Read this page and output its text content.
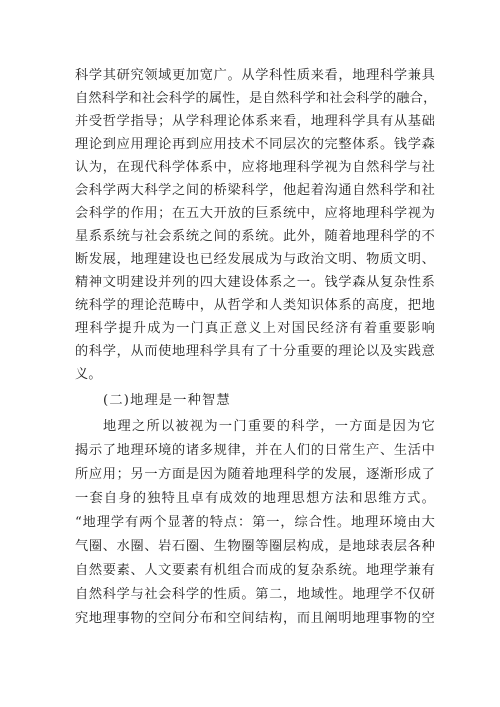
科学其研究领域更加宽广。从学科性质来看，地理科学兼具
自然科学和社会科学的属性，是自然科学和社会科学的融合，
并受哲学指导；从学科理论体系来看，地理科学具有从基础
理论到应用理论再到应用技术不同层次的完整体系。钱学森
认为，在现代科学体系中，应将地理科学视为自然科学与社
会科学两大科学之间的桥梁科学，他起着沟通自然科学和社
会科学的作用；在五大开放的巨系统中，应将地理科学视为
星系系统与社会系统之间的系统。此外，随着地理科学的不
断发展，地理建设也已经发展成为与政治文明、物质文明、
精神文明建设并列的四大建设体系之一。钱学森从复杂性系
统科学的理论范畴中，从哲学和人类知识体系的高度，把地
理科学提升成为一门真正意义上对国民经济有着重要影响
的科学，从而使地理科学具有了十分重要的理论以及实践意
义。
(二)地理是一种智慧
地理之所以被视为一门重要的科学，一方面是因为它
揭示了地理环境的诸多规律，并在人们的日常生产、生活中
所应用；另一方面是因为随着地理科学的发展，逐渐形成了
一套自身的独特且卓有成效的地理思想方法和思维方式。
“地理学有两个显著的特点：第一，综合性。地理环境由大
气圈、水圈、岩石圈、生物圈等圈层构成，是地球表层各种
自然要素、人文要素有机组合而成的复杂系统。地理学兼有
自然科学与社会科学的性质。第二，地域性。地理学不仅研
究地理事物的空间分布和空间结构，而且阐明地理事物的空
